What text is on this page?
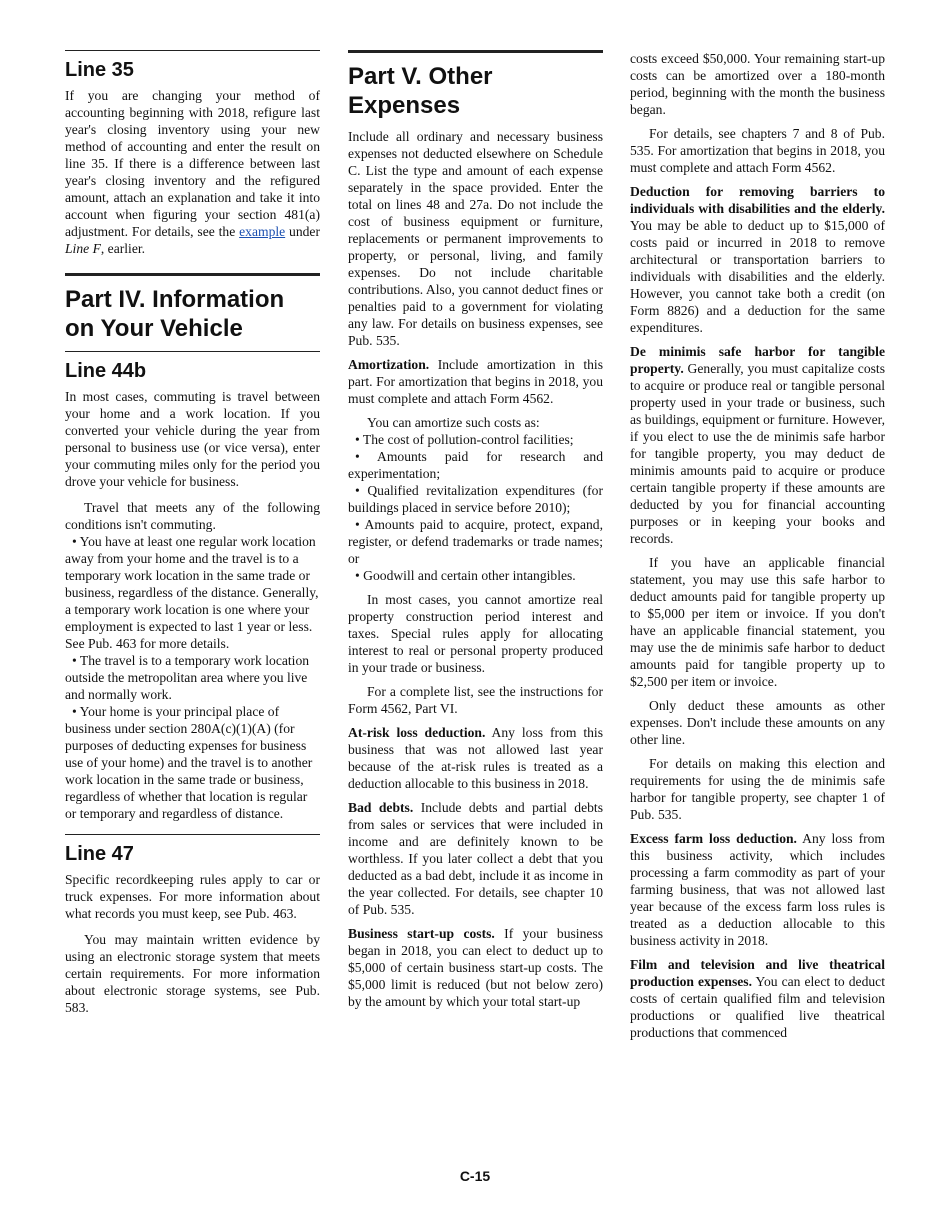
Line 35

If you are changing your method of accounting beginning with 2018, refigure last year's closing inventory using your new method of accounting and enter the result on line 35. If there is a difference between last year's closing inventory and the refigured amount, attach an explanation and take it into account when figuring your section 481(a) adjustment. For details, see the example under Line F, earlier.

Part IV. Information on Your Vehicle
Line 44b

In most cases, commuting is travel between your home and a work location. If you converted your vehicle during the year from personal to business use (or vice versa), enter your commuting miles only for the period you drove your vehicle for business.

Travel that meets any of the following conditions isn't commuting.

• You have at least one regular work location away from your home and the travel is to a temporary work location in the same trade or business, regardless of the distance. Generally, a temporary work location is one where your employment is expected to last 1 year or less. See Pub. 463 for more details.

• The travel is to a temporary work location outside the metropolitan area where you live and normally work.

• Your home is your principal place of business under section 280A(c)(1)(A) (for purposes of deducting expenses for business use of your home) and the travel is to another work location in the same trade or business, regardless of whether that location is regular or temporary and regardless of distance.

Line 47

Specific recordkeeping rules apply to car or truck expenses. For more information about what records you must keep, see Pub. 463.

You may maintain written evidence by using an electronic storage system that meets certain requirements. For more information about electronic storage systems, see Pub. 583.

Part V. Other Expenses

Include all ordinary and necessary business expenses not deducted elsewhere on Schedule C. List the type and amount of each expense separately in the space provided. Enter the total on lines 48 and 27a. Do not include the cost of business equipment or furniture, replacements or permanent improvements to property, or personal, living, and family expenses. Do not include charitable contributions. Also, you cannot deduct fines or penalties paid to a government for violating any law. For details on business expenses, see Pub. 535.

Amortization. Include amortization in this part. For amortization that begins in 2018, you must complete and attach Form 4562.

You can amortize such costs as:

• The cost of pollution-control facilities;

• Amounts paid for research and experimentation;

• Qualified revitalization expenditures (for buildings placed in service before 2010);

• Amounts paid to acquire, protect, expand, register, or defend trademarks or trade names; or

• Goodwill and certain other intangibles.

In most cases, you cannot amortize real property construction period interest and taxes. Special rules apply for allocating interest to real or personal property produced in your trade or business.

For a complete list, see the instructions for Form 4562, Part VI.

At-risk loss deduction. Any loss from this business that was not allowed last year because of the at-risk rules is treated as a deduction allocable to this business in 2018.

Bad debts. Include debts and partial debts from sales or services that were included in income and are definitely known to be worthless. If you later collect a debt that you deducted as a bad debt, include it as income in the year collected. For details, see chapter 10 of Pub. 535.

Business start-up costs. If your business began in 2018, you can elect to deduct up to $5,000 of certain business start-up costs. The $5,000 limit is reduced (but not below zero) by the amount by which your total start-up

costs exceed $50,000. Your remaining start-up costs can be amortized over a 180-month period, beginning with the month the business began.

For details, see chapters 7 and 8 of Pub. 535. For amortization that begins in 2018, you must complete and attach Form 4562.

Deduction for removing barriers to individuals with disabilities and the elderly. You may be able to deduct up to $15,000 of costs paid or incurred in 2018 to remove architectural or transportation barriers to individuals with disabilities and the elderly. However, you cannot take both a credit (on Form 8826) and a deduction for the same expenditures.

De minimis safe harbor for tangible property. Generally, you must capitalize costs to acquire or produce real or tangible personal property used in your trade or business, such as buildings, equipment or furniture. However, if you elect to use the de minimis safe harbor for tangible property, you may deduct de minimis amounts paid to acquire or produce certain tangible property if these amounts are deducted by you for financial accounting purposes or in keeping your books and records.

If you have an applicable financial statement, you may use this safe harbor to deduct amounts paid for tangible property up to $5,000 per item or invoice. If you don't have an applicable financial statement, you may use the de minimis safe harbor to deduct amounts paid for tangible property up to $2,500 per item or invoice.

Only deduct these amounts as other expenses. Don't include these amounts on any other line.

For details on making this election and requirements for using the de minimis safe harbor for tangible property, see chapter 1 of Pub. 535.

Excess farm loss deduction. Any loss from this business activity, which includes processing a farm commodity as part of your farming business, that was not allowed last year because of the excess farm loss rules is treated as a deduction allocable to this business activity in 2018.

Film and television and live theatrical production expenses. You can elect to deduct costs of certain qualified film and television productions or qualified live theatrical productions that commenced

C-15
